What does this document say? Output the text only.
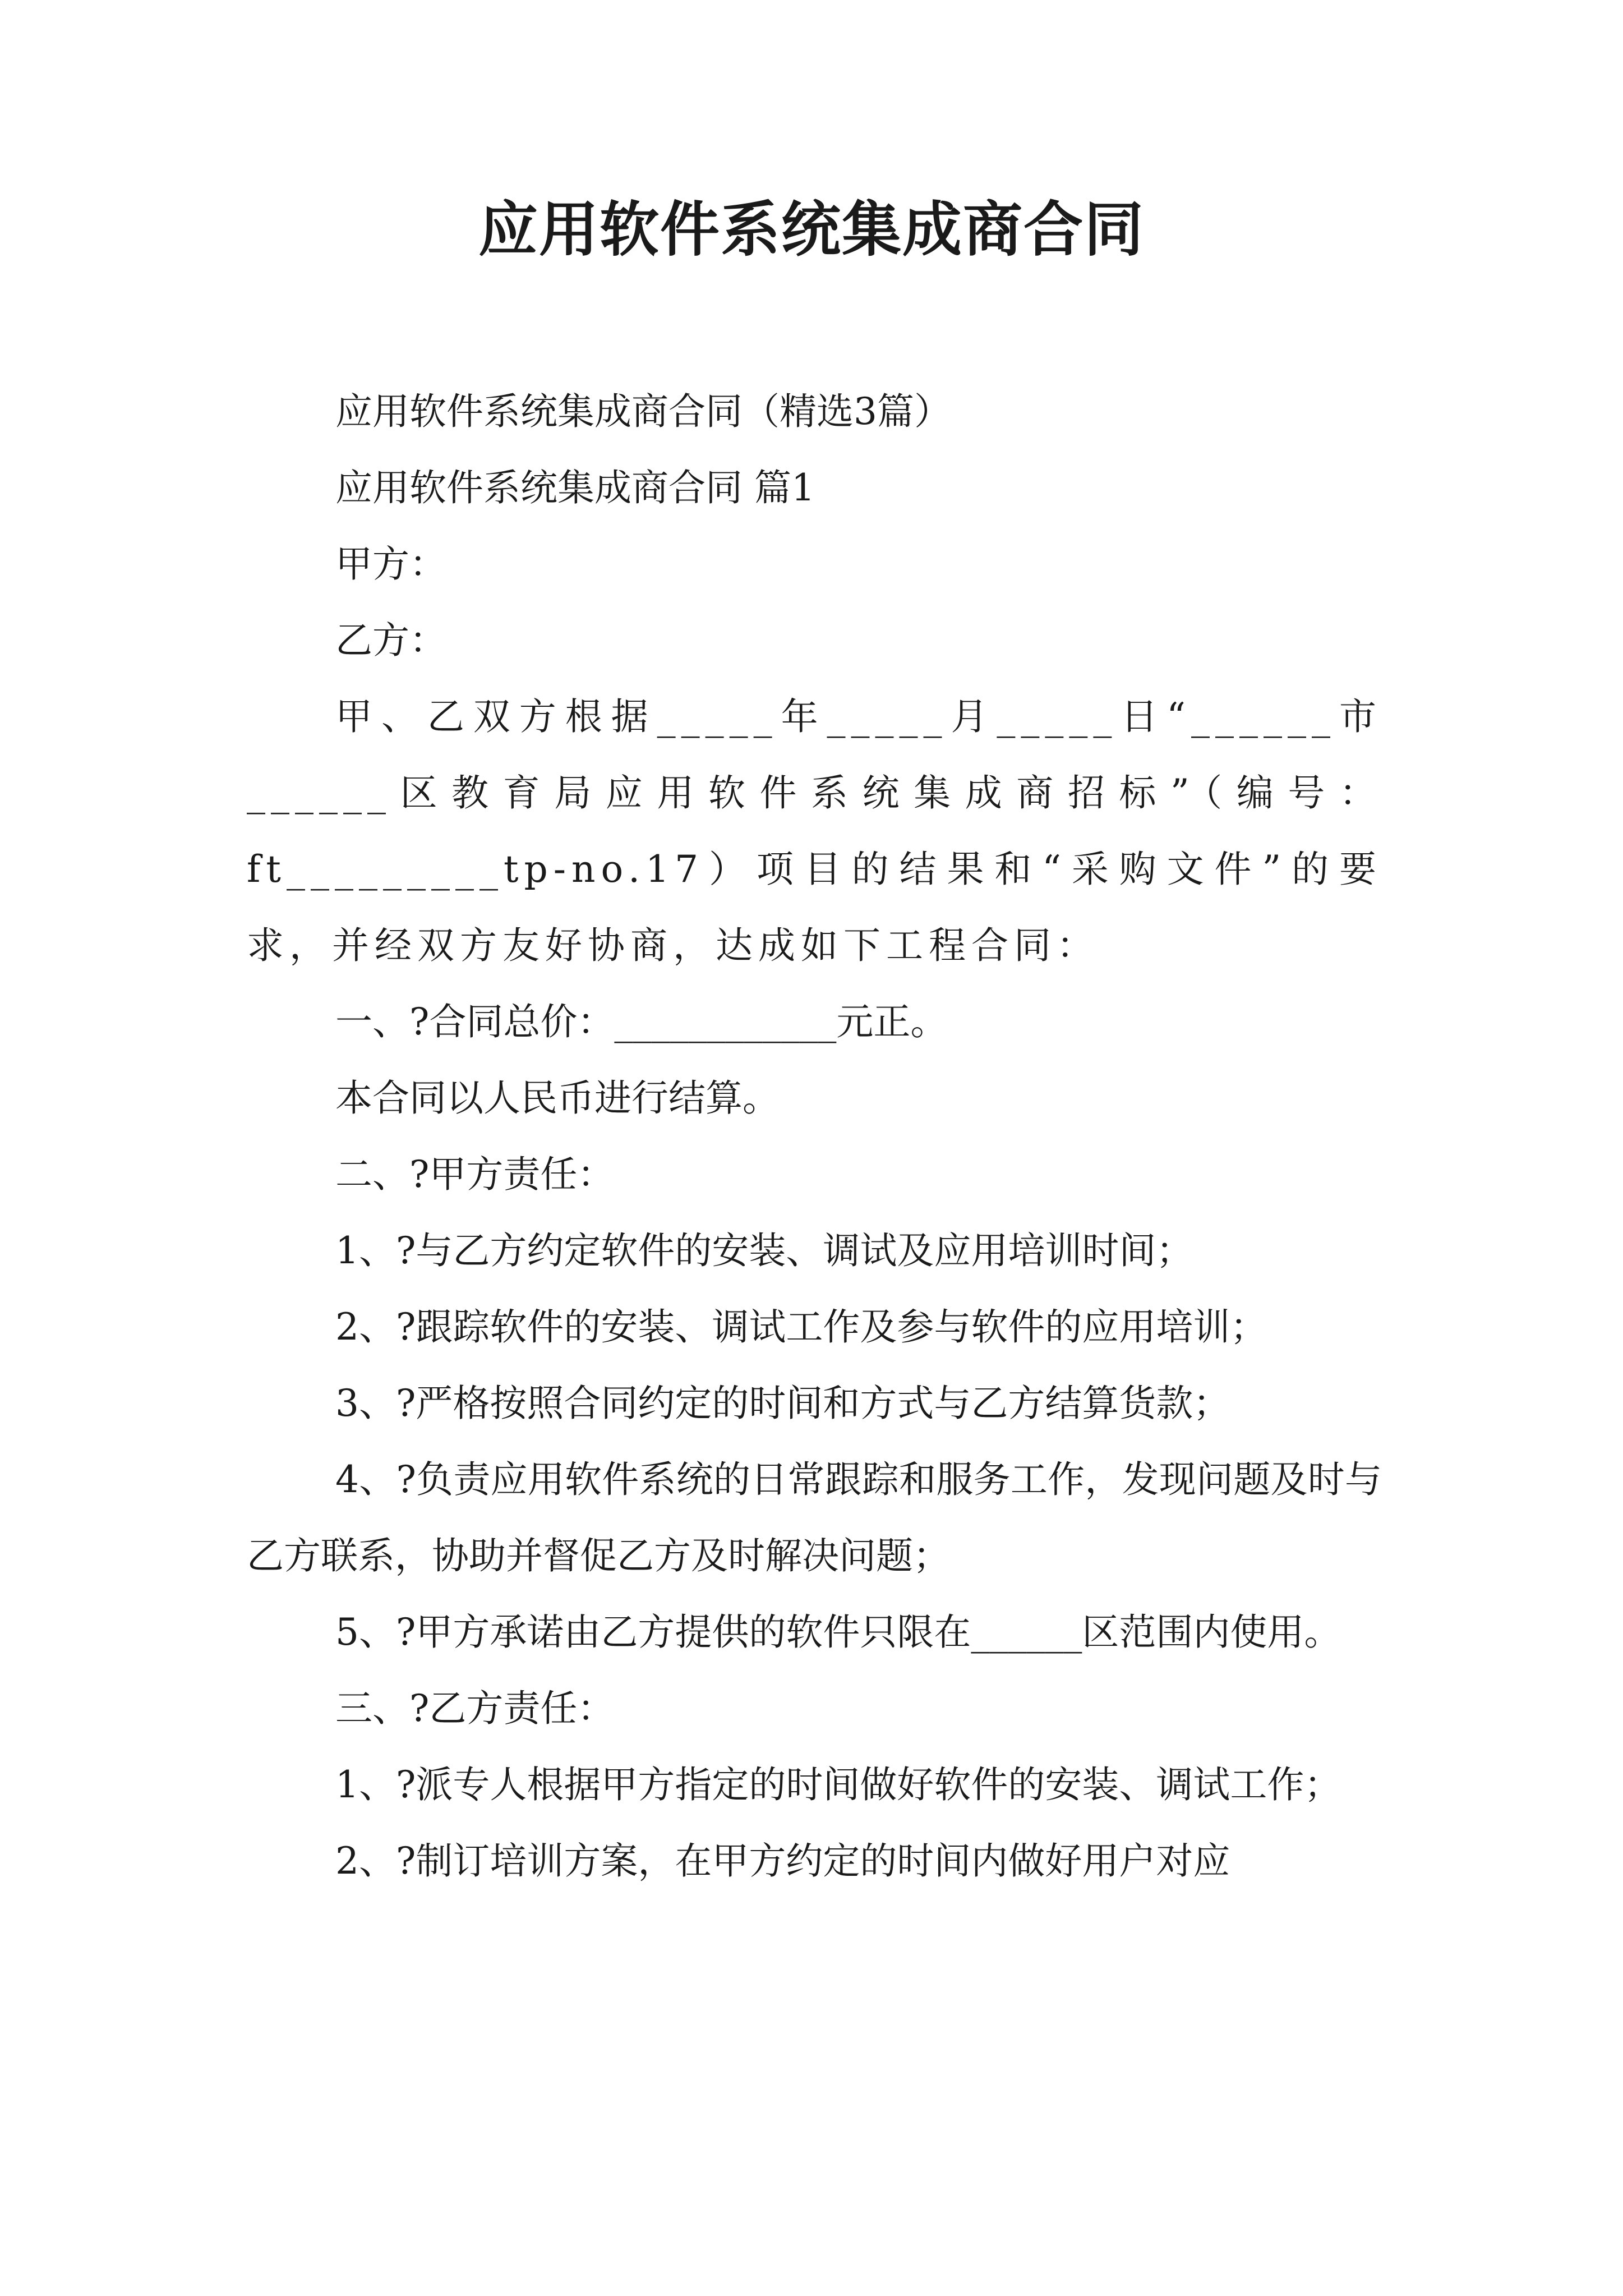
应用软件系统集成商合同

应用软件系统集成商合同（精选3篇）

应用软件系统集成商合同 篇1

甲方：

乙方：

甲、乙双方根据_____年_____月_____日“______市______区教育局应用软件系统集成商招标”（编号：ft_________tp-no.17）项目的结果和“采购文件”的要求，并经双方友好协商，达成如下工程合同：

一、?合同总价：____________元正。

本合同以人民币进行结算。

二、?甲方责任：

1、?与乙方约定软件的安装、调试及应用培训时间；

2、?跟踪软件的安装、调试工作及参与软件的应用培训；

3、?严格按照合同约定的时间和方式与乙方结算货款；

4、?负责应用软件系统的日常跟踪和服务工作，发现问题及时与乙方联系，协助并督促乙方及时解决问题；

5、?甲方承诺由乙方提供的软件只限在______区范围内使用。

三、?乙方责任：

1、?派专人根据甲方指定的时间做好软件的安装、调试工作；

2、?制订培训方案，在甲方约定的时间内做好用户对应
